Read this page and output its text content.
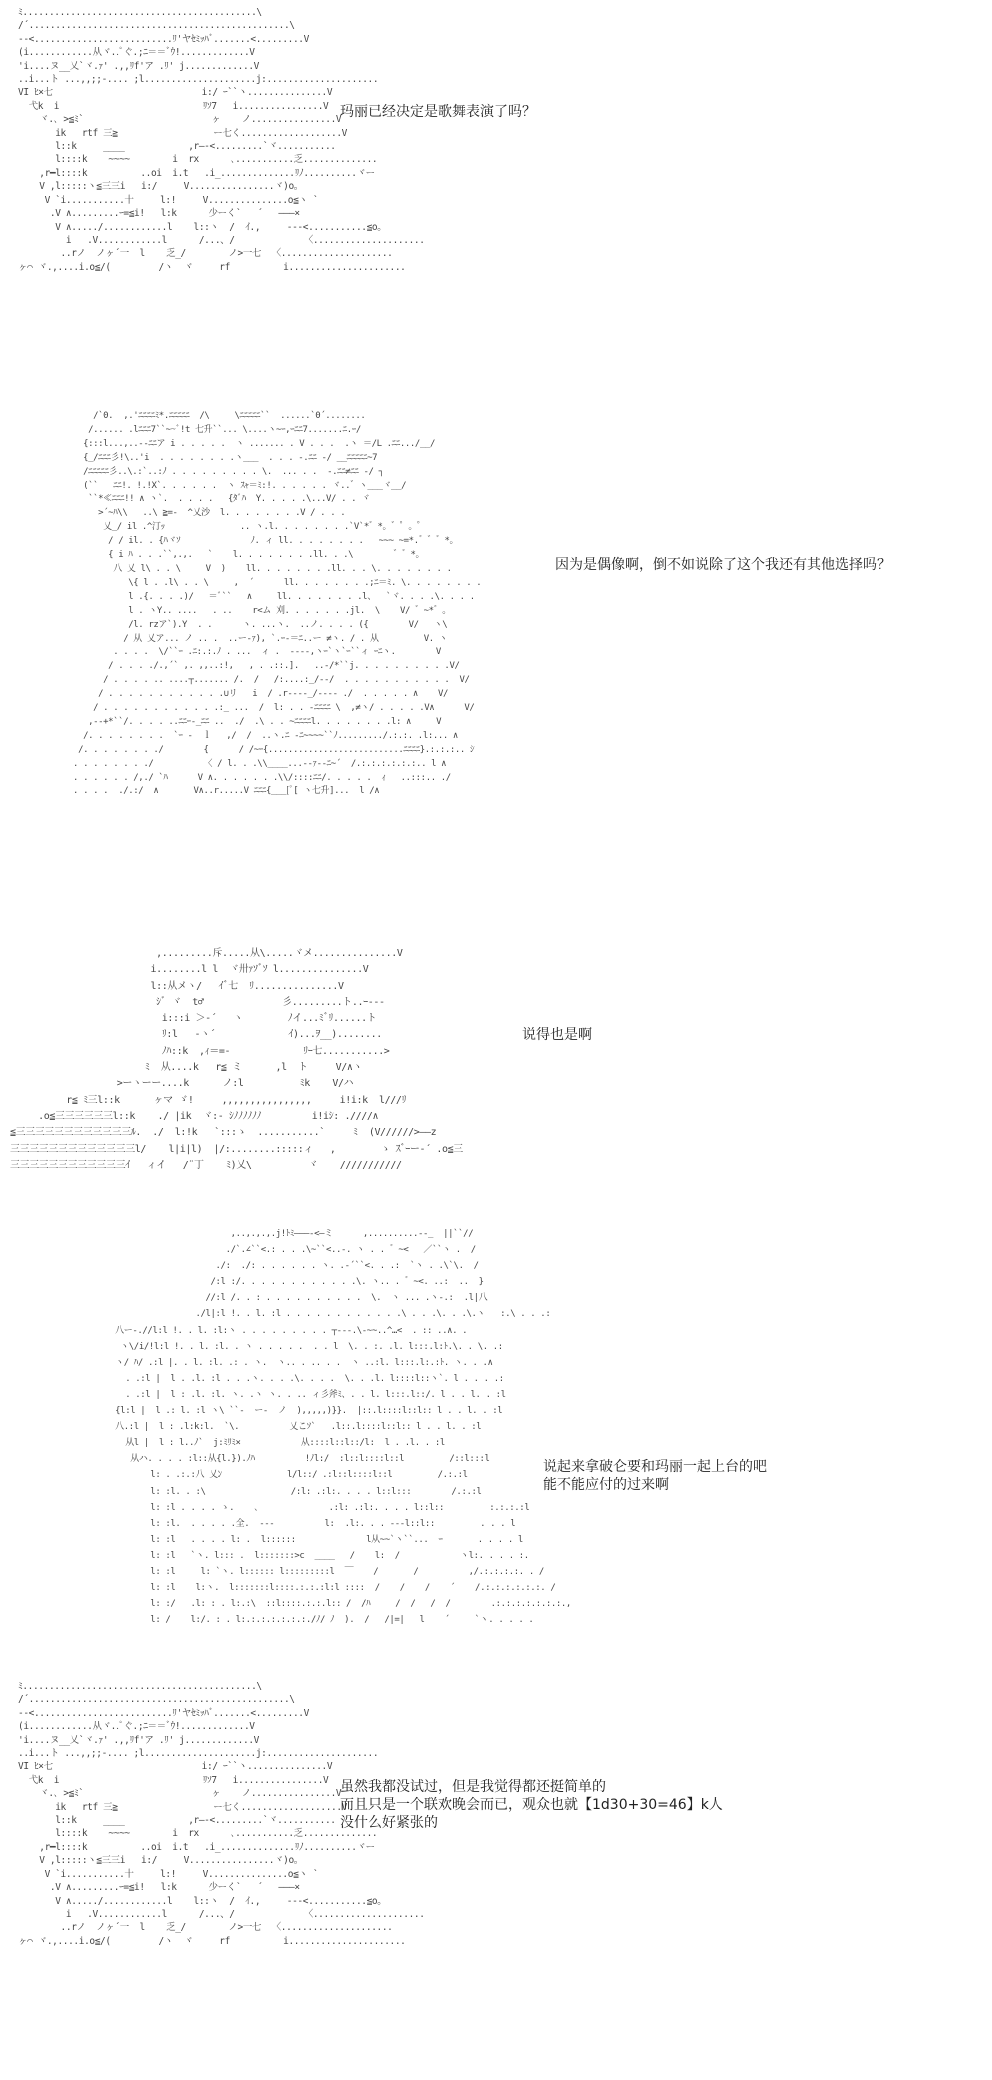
ﾐ............................................\
/´.................................................\
-‐<..........................ﾘ'ヤｾﾐｯﾊﾞ.......<.........V
(i............从ヾ..ﾟぐ.;ﾆ＝＝ﾞｳ!.............V
'i....ヌ__乂`ヾ.ｧ' .,,ﾘf'ア .ﾘ' j.............V
..i...ト ...,,;;-.... ;l.....................j:.....................
VI ﾋ×七                            i:/ ｰ``ヽ...............V
弋k  i                           ﾘｿ7   i................V
ヾ.､ >≦ﾐ`                        ヶ    ノ................V
ik   rtf 三≧                  ー七く...................V
l::k     ____            ,r―‐<.........`ヾ...........
l::::k    ~~~~        i  rx      ､...........乏..............
,r━l::::k          ..oi  i.t   .i_..............ﾘﾉ..........ヾー
V ,l:::::ヽ≦三三i   i:/     V................ヾ)o。
V `i...........十     l:!     V...............o≦ヽ `
.V ∧.........ｰ=≦i!   l:k      少ーく`   ´   ―――×
V ∧...../............l    l::ヽ  /  ｲ.,     ‐‐‐<...........≦o。
i   .V............l      /...、/             〈.....................
..rノ  ノヶ´一  l    乏_/        ノ>一七  〈.....................
ヶ⌒ ヾ.,....i.o≦/(         /ヽ  ヾ     rf          i......................
玛丽已经决定是歌舞表演了吗？
/`0.  ,.'ﾆﾆﾆﾆﾐ*.ﾆﾆﾆﾆﾆ  /\     \ﾆﾆﾆﾆﾆ``  ......`0´........
/...... .lﾆﾆﾆ7``~~ﾞ!t 七升``... \....ヽ~ｰ,ｰﾆﾆ7.......ﾆ.ｰ/
{:::l...,..‐‐ﾆﾆア i . . . . .  ヽ ....... . V . . .  .ヽ ＝/L .ﾆﾆ.../__/
{_/ﾆﾆﾆ彡!\..'i  . . . . . . . .ヽ___  . . . ‐.ﾆﾆ ‐/ __ﾆﾆﾆﾆﾆ~7
/ﾆﾆﾆﾆﾆ彡..\.:`..:ﾉ . . . . . . . . . \.  ... . .  ‐.ﾆﾆ≠ﾆﾆ ‐/ ┐
(``   ﾆﾆ!. !.!X`. . . . . .  ヽ ｽｬ＝ﾐ:!. . . . . . ヾ..゛ヽ___ヾ__/
``*≪ﾆﾆﾆ!! ∧ ヽ`.  . . . .   {ﾀﾞﾊ  Y. . . . .\...V/ . . ヾ
>´~ﾊ\\   ..\ ≧=-  ^乂沙  l. . . . . . . .V / . . .
乂_/ il .^汀ｯ               .. ヽ.l. . . . . . . .`V`*゛*。゛゜。゜
/ / il. . {ﾊヾｿ              ﾉ. ィ ll. . . . . . . .   ~~~ ~=*.゛゛゛*。
{ i ﾊ . . .``,.,.   `    l. . . . . . . .ll. . .\        ゛゛*。
八 乂 l\ . . \     V  )    ll. . . . . . . .ll. . . \. . . . . . . .
\{ l . .l\ . . \     ,  ´      ll. . . . . . . .;ﾆ＝ﾐ. \. . . . . . . .
l .{. . . .)/   ＝ﾞ``   ∧     ll. . . . . . . .l、  `ヾ. . . .\. . . .
l . ヽY.. ....   . ..    r<ム 刈. . . . . . .jl.  \    V/ ゛~*゛。
/l. rzア`).Y  . .      ヽ. ...ヽ.  ..ノ. . . . ({        V/   ヽ\
/ 从 乂ア... ノ .. .  ..ー‐ｧ), `.ｰ‐＝ﾆ..ー ≠ヽ. / . 从         V. ヽ
. . . .  \/``ｰ .ﾆ:.:.ﾉ . ...  ィ .  ‐‐‐‐,ヽｰ`ヽ`ｰ``ィ ｰﾆヽ.        V
/ . . . ./.,´` ,. ,,..:!,   , . .::.].   ..‐/*``j. . . . . . . . . .V/
/ . . . . .. ....┬....... /.  /   /:....:_/‐‐/  . . . . . . . . . . .  V/
/ . . . . . . . . . . . .∪リ   i  / .r‐‐--_/‐‐‐‐ ./  . . . . . ∧    V/
/ . . . . . . . . . . . .:_ ...  /  l: . . ‐ﾆﾆﾆﾆ \  ,≠ヽ/ . . . . .V∧      V/
,‐‐+*``/. . . . ..ﾆﾆｰ‐_ﾆﾆ ..  ./  .\ . . ~ﾆﾆﾆﾆl. . . . . . . .l: ∧     V
/. . . . . . . .  `ｰ ‐  ｌ   ,/  /  ..ヽ.ﾆ ‐ﾆ~~~~``ﾉ........./.:.:. .l:... ∧
/. . . . . . . ./        {      / /~ｰ{...........................ﾆﾆﾆﾆ}.:.:.:.. ｼ
. . . . . . . ./          〈 / l. . .\\____...‐‐ｧ‐‐ﾆ~´  /.:.:.:.:.:.:.. l ∧
. . . . . . /,./ `ﾊ      V ∧. . . . . . .\\/::::ﾆﾆ/. . . . .  ｨ   ..:::.. ./
. . . .  ./.:/  ∧       V∧..r.....V ﾆﾆﾆ{___[ﾟ[ ヽ七升]...  l /∧
因为是偶像啊，倒不如说除了这个我还有其他选择吗？
,.........斥.....从\.....ヾメ...............V
i........l l  ヾ卅ｧｿﾞｿ l...............V
l::从メヽ/   ｲﾞ七  ﾘ...............V
ｼﾞ ヾ  t♂              彡.........ト..ｰ‐‐-
i:::i ＞‐´   ヽ        ﾉイ...ﾐﾞﾘ......ト
ﾘ:l   ‐ヽ´             ｲ)...ｦ__)........
ﾉﾊ::k  ,ｨ＝=‐             ﾘｰ七...........>
ﾐ  从....k   r≦ ミ      ,l  ト     V/∧ヽ
>ーヽーー....k      ノ:l          ﾐk    V/ハ
r≦ ﾐ三l::k      ヶマ ゞ!     ,,,,,,,,,,,,,,,,     i!i:k  l///ﾘ
.o≦三三三三三三l::k    ./ |ik  ヾ:‐ ｼﾉﾉﾉﾉﾉﾉ         i!iｼ: .////∧
≦三三三三三三三三三三三三ﾙ.  ./  l:!k   `:::ゝ  ...........`     ﾐ  (V//////>――z
三三三三三三三三三三三三三l/    l|i|l)  |/:........:::::ィ   ,        ゝ ｽﾞｰー‐´ .o≦三
三三三三三三三三三三三三ｲ   ィイ   /¨丁    ﾐ)乂\          ヾ    ///////////
说得也是啊
,..,.,.,.j!ﾄﾐ―――‐<―ミ      ,..........‐‐_  ||``//
./`.∠``<.: . . .\~``<..‐. ヽ . . ゛~<   ／``ヽ .  /
./:  ./: . . . . . . ヽ. .‐´``<. . .:  `ヽ . .\`\.  /
/:l :/. . . . . . . . . . . .\. ヽ.. . ゛~<. ..:  ..  }
//:l /. . : . . . . . . . . . .  \.  ヽ ... .ヽ-.:  .l|八
./l|:l !. . l. :l . . . . . . . . . . . .\ . . .\. . .\.ヽ   :.\ . . .:
八ー‐.//l:l !. . l. :l:ヽ . . . . . . . . . ┬‐‐‐.\‐~~..^…<  . :: ..∧. .
ヽ\/i/!l:l !. . l. :l. . ヽ . . . . .  . . l  \. . :. .l. l:::.l:ﾄ.\. . \. .:
ヽ/ ﾊ/ .:l |. . l. :l. .: . ヽ.  ヽ.. . .. . .  ヽ ..:l. l:::.l:.:ﾄ. ヽ. . .∧
. .:l |  l . .l. :l . . .ヽ. . . .\. . . .  \. . .l. l::::l::ヽ`. l . . . .:
. .:l |  l : .l. :l. ヽ. .ヽ ヽ. . .. ィ彡斧ﾐ、. . l. l:::.l::/. l . . l. . :l
{l:l |  l .: l. :l ヽ\ ``‐  ー‐  ノ  ),,,,,)}}.  |::.l::::l::l:: l . . l. . :l
八.:l |  l : .l:k:l.  `\.          乂こｿ`   .l::.l::::l::l:: l . . l. . :l
从l |  l : l..ﾉ`  j:ﾐﾘﾐ×            从::::l::l::/l:  l . .l. . :l
从ハ. . . . :l::从{l.}).ﾉﾊ          !ﾉl:/  :l::l::::l::l         /::l:::l
l: . .:.:八 乂ﾝ             l/l::/ .:l::l::::l::l         /.:.:l
l: :l. . :\                 /:l: .:l:. . . . l::l:::        /.:.:l
l: :l . . . . ゝ.    ､              .:l: .:l:. . . . l::l::         :.:.:.:l
l: :l.  . . . . .全.  ‐‐‐          l:  .l:. . . ‐‐‐l::l::         . . . l
l: :l   . . . . l: .  l::::::              l从~~`ヽ``...  ｰ       . . . . l
l: :l   `ヽ. l::: .  l:::::::>c  ____   /    l:  /            ヽl:. . . . :.
l: :l     l: `ヽ. l:::::: l:::::::::l  ￣    /       /          ,/.:.:.:.:. . /
l: :l    l:ヽ.  l:::::::l::::.:.:.:l:l ::::  /    /    /    ´    /.:.:.:.:.:.:. /
l: :/   .l: : . l:.:\  ::l::::.:.:.l:: /  /ﾊ     /  /   /  /        .:.:.:.:.:.:.:.,
l: /    l:/. : . l:.:.:.:.:.:.:./ﾉ/ ﾉ  ).  /   /|=|   l    ´     `ヽ. . . . .
说起来拿破仑要和玛丽一起上台的吧
能不能应付的过来啊
ﾐ............................................\
/´.................................................\
-‐<..........................ﾘ'ヤｾﾐｯﾊﾞ.......<.........V
(i............从ヾ..ﾟぐ.;ﾆ＝＝ﾞｳ!.............V
'i....ヌ__乂`ヾ.ｧ' .,,ﾘf'ア .ﾘ' j.............V
..i...ト ...,,;;-.... ;l.....................j:.....................
VI ﾋ×七                            i:/ ｰ``ヽ...............V
弋k  i                           ﾘｿ7   i................V
ヾ.､ >≦ﾐ`                        ヶ    ノ................V
ik   rtf 三≧                  ー七く...................V
l::k     ____            ,r―‐<.........`ヾ...........
l::::k    ~~~~        i  rx      ､...........乏..............
,r━l::::k          ..oi  i.t   .i_..............ﾘﾉ..........ヾー
V ,l:::::ヽ≦三三i   i:/     V................ヾ)o。
V `i...........十     l:!     V...............o≦ヽ `
.V ∧.........ｰ=≦i!   l:k      少ーく`   ´   ―――×
V ∧...../............l    l::ヽ  /  ｲ.,     ‐‐‐<...........≦o。
i   .V............l      /...、/             〈.....................
..rノ  ノヶ´一  l    乏_/        ノ>一七  〈.....................
ヶ⌒ ヾ.,....i.o≦/(         /ヽ  ヾ     rf          i......................
虽然我都没试过，但是我觉得都还挺简单的
而且只是一个联欢晚会而已，观众也就【1d30+30=46】k人
没什么好紧张的
